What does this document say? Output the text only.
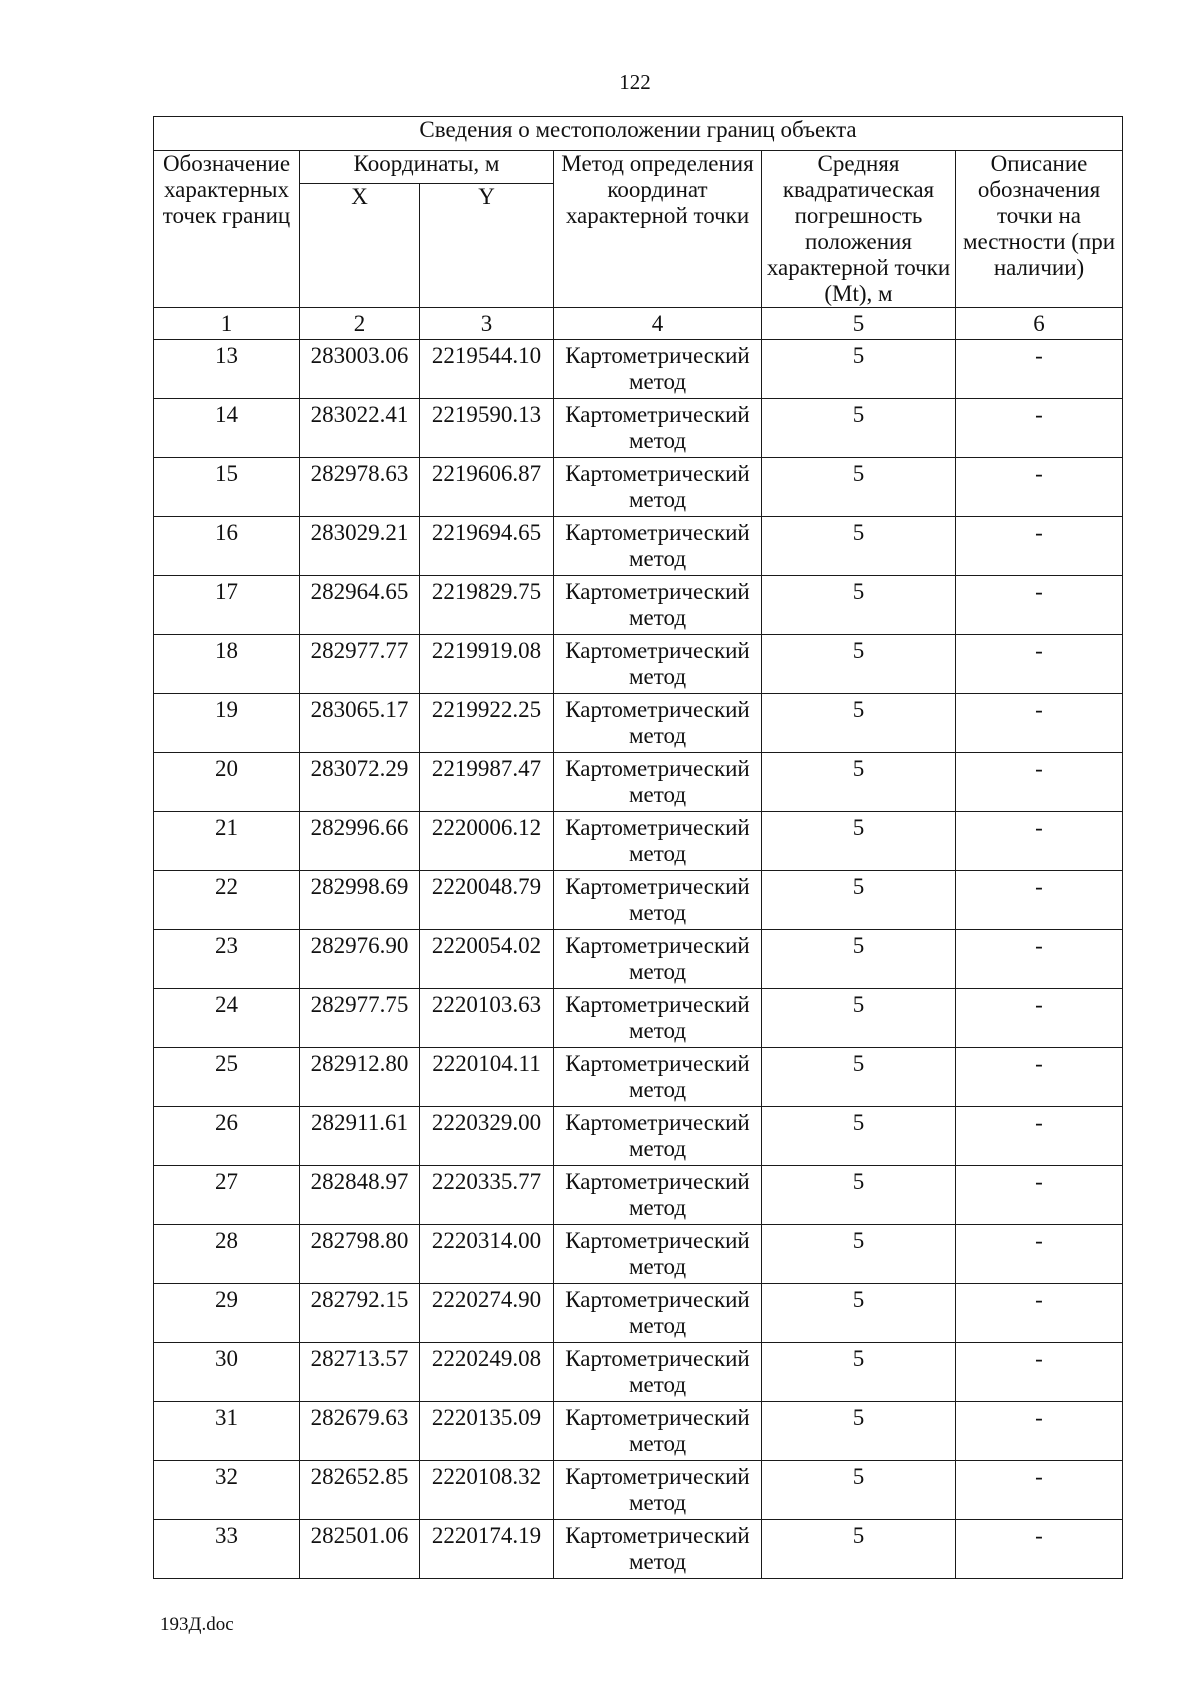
122
Сведения о местоположении границ объекта					
Обозначение характерных точек границ	Координаты, м		Метод определения координат характерной точки	Средняя квадратическая погрешность положения характерной точки (Mt), м	Описание обозначения точки на местности (при наличии)
	X	Y			
1	2	3	4	5	6
13	283003.06	2219544.10	Картометрический метод	5	-
14	283022.41	2219590.13	Картометрический метод	5	-
15	282978.63	2219606.87	Картометрический метод	5	-
16	283029.21	2219694.65	Картометрический метод	5	-
17	282964.65	2219829.75	Картометрический метод	5	-
18	282977.77	2219919.08	Картометрический метод	5	-
19	283065.17	2219922.25	Картометрический метод	5	-
20	283072.29	2219987.47	Картометрический метод	5	-
21	282996.66	2220006.12	Картометрический метод	5	-
22	282998.69	2220048.79	Картометрический метод	5	-
23	282976.90	2220054.02	Картометрический метод	5	-
24	282977.75	2220103.63	Картометрический метод	5	-
25	282912.80	2220104.11	Картометрический метод	5	-
26	282911.61	2220329.00	Картометрический метод	5	-
27	282848.97	2220335.77	Картометрический метод	5	-
28	282798.80	2220314.00	Картометрический метод	5	-
29	282792.15	2220274.90	Картометрический метод	5	-
30	282713.57	2220249.08	Картометрический метод	5	-
31	282679.63	2220135.09	Картометрический метод	5	-
32	282652.85	2220108.32	Картометрический метод	5	-
33	282501.06	2220174.19	Картометрический метод	5	-
193Д.doc
